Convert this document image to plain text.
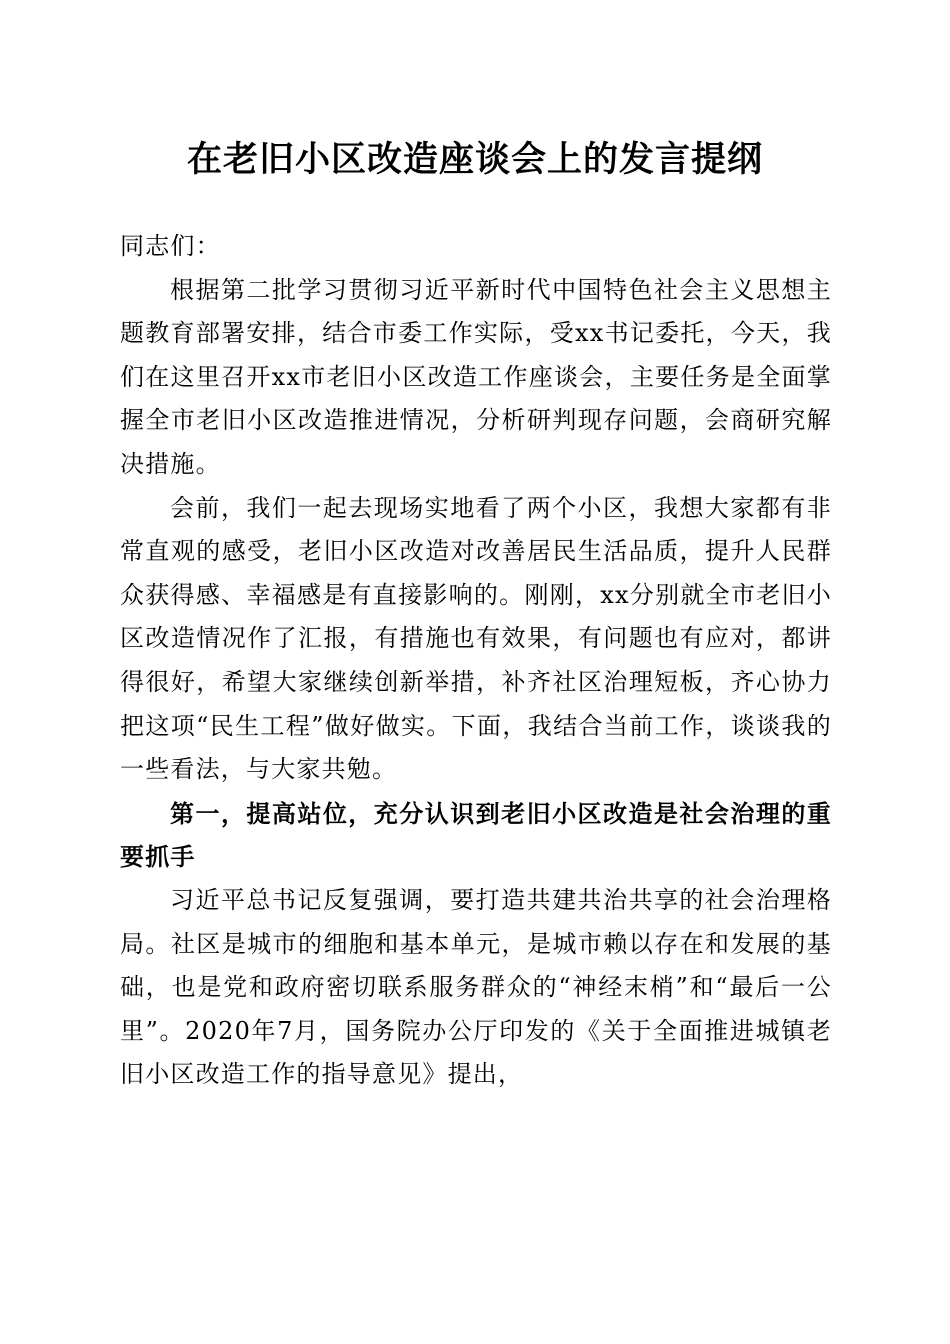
在老旧小区改造座谈会上的发言提纲

同志们：

根据第二批学习贯彻习近平新时代中国特色社会主义思想主题教育部署安排，结合市委工作实际，受xx书记委托，今天，我们在这里召开xx市老旧小区改造工作座谈会，主要任务是全面掌握全市老旧小区改造推进情况，分析研判现存问题，会商研究解决措施。

会前，我们一起去现场实地看了两个小区，我想大家都有非常直观的感受，老旧小区改造对改善居民生活品质，提升人民群众获得感、幸福感是有直接影响的。刚刚，xx分别就全市老旧小区改造情况作了汇报，有措施也有效果，有问题也有应对，都讲得很好，希望大家继续创新举措，补齐社区治理短板，齐心协力把这项“民生工程”做好做实。下面，我结合当前工作，谈谈我的一些看法，与大家共勉。

第一，提高站位，充分认识到老旧小区改造是社会治理的重要抓手

习近平总书记反复强调，要打造共建共治共享的社会治理格局。社区是城市的细胞和基本单元，是城市赖以存在和发展的基础，也是党和政府密切联系服务群众的“神经末梢”和“最后一公里”。2020年7月，国务院办公厅印发的《关于全面推进城镇老旧小区改造工作的指导意见》提出，
